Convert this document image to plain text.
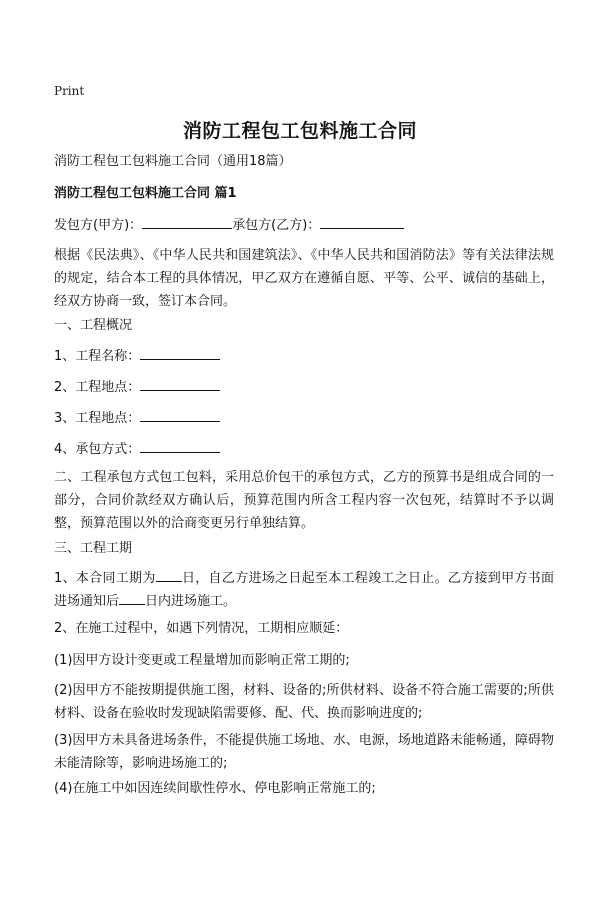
Print
消防工程包工包料施工合同
消防工程包工包料施工合同（通用18篇）
消防工程包工包料施工合同 篇1
发包方(甲方)：	承包方(乙方)：
根据《民法典》、《中华人民共和国建筑法》、《中华人民共和国消防法》等有关法律法规的规定，结合本工程的具体情况，甲乙双方在遵循自愿、平等、公平、诚信的基础上，经双方协商一致，签订本合同。
一、工程概况
1、工程名称：
2、工程地点：
3、工程地点：
4、承包方式：
二、工程承包方式包工包料，采用总价包干的承包方式，乙方的预算书是组成合同的一部分，合同价款经双方确认后，预算范围内所含工程内容一次包死，结算时不予以调整，预算范围以外的洽商变更另行单独结算。
三、工程工期
1、本合同工期为 日，自乙方进场之日起至本工程竣工之日止。乙方接到甲方书面进场通知后 日内进场施工。
2、在施工过程中，如遇下列情况，工期相应顺延：
(1)因甲方设计变更或工程量增加而影响正常工期的;
(2)因甲方不能按期提供施工图，材料、设备的;所供材料、设备不符合施工需要的;所供材料、设备在验收时发现缺陷需要修、配、代、换而影响进度的;
(3)因甲方未具备进场条件，不能提供施工场地、水、电源，场地道路未能畅通，障碍物未能清除等，影响进场施工的;
(4)在施工中如因连续间歇性停水、停电影响正常施工的;
